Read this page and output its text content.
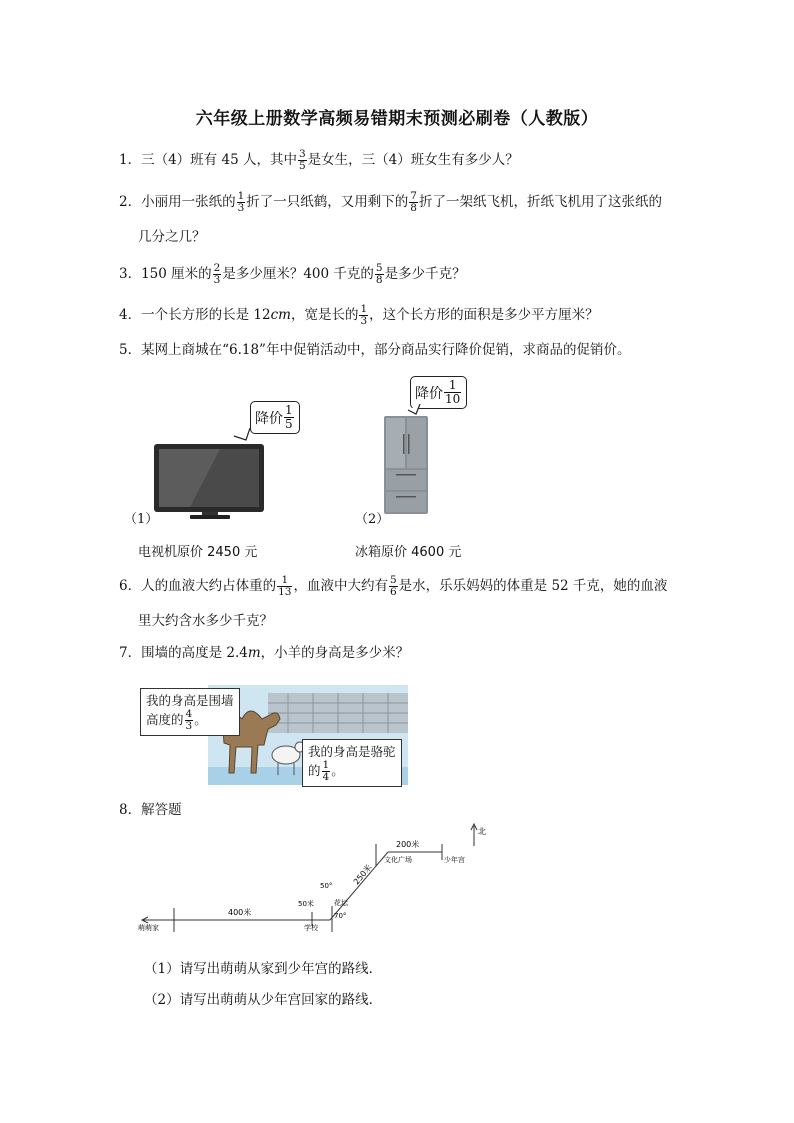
六年级上册数学高频易错期末预测必刷卷（人教版）
1．三（4）班有 45 人，其中 $\frac{3}{5}$ 是女生，三（4）班女生有多少人？
2．小丽用一张纸的 $\frac{1}{3}$ 折了一只纸鹤，又用剩下的 $\frac{7}{8}$ 折了一架纸飞机，折纸飞机用了这张纸的
几分之几？
3．150 厘米的 $\frac{2}{3}$ 是多少厘米？400 千克的 $\frac{5}{8}$ 是多少千克？
4．一个长方形的长是 12cm，宽是长的 $\frac{1}{3}$ ，这个长方形的面积是多少平方厘米？
5．某网上商城在“6.18”年中促销活动中，部分商品实行降价促销，求商品的促销价。
降价 $\frac{1}{5}$
（1）
电视机原价 2450 元
降价 $\frac{1}{10}$
（2）
冰箱原价 4600 元
6．人的血液大约占体重的 $\frac{1}{13}$ ，血液中大约有 $\frac{5}{6}$ 是水，乐乐妈妈的体重是 52 千克，她的血液
里大约含水多少千克？
7．围墙的高度是 2.4m，小羊的身高是多少米？
我的身高是围墙
高度的 $\frac{4}{3}$ 。
我的身高是骆驼
的 $\frac{1}{4}$ 。
8．解答题
萌萌家
400米
学校
50米
70°
花坛
50° 250米
文化广场
200米
少年宫
北
（1）请写出萌萌从家到少年宫的路线．
（2）请写出萌萌从少年宫回家的路线．
